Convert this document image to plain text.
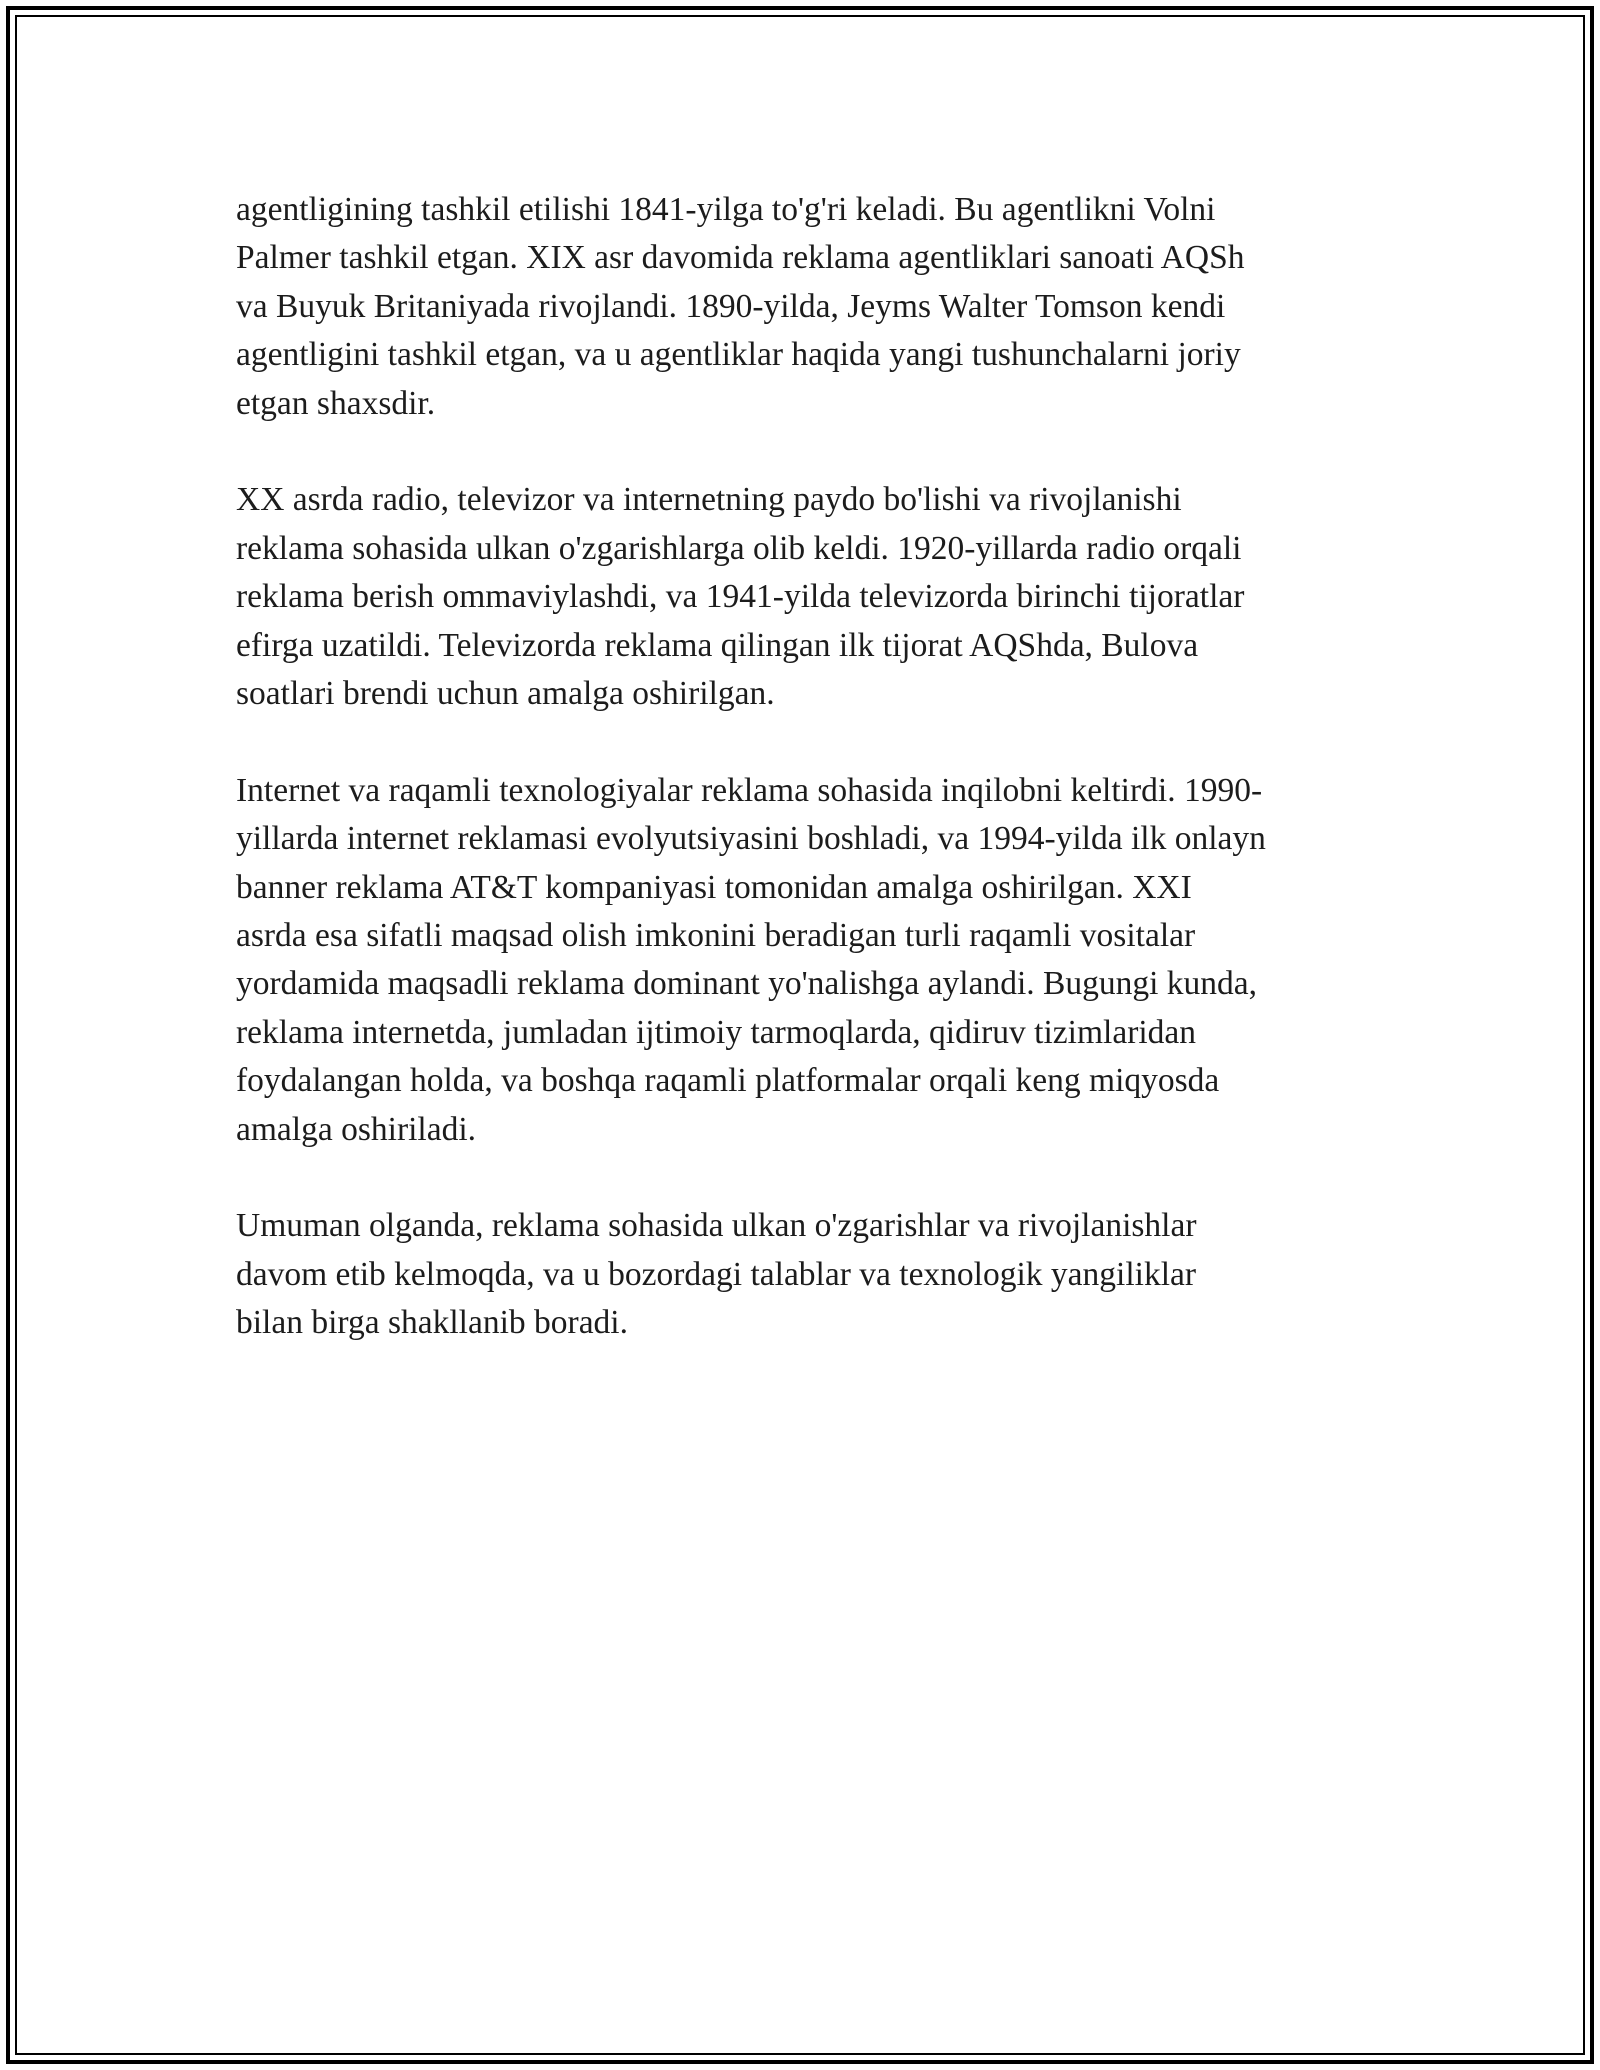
agentligining tashkil etilishi 1841-yilga to'g'ri keladi. Bu agentlikni Volni
Palmer tashkil etgan. XIX asr davomida reklama agentliklari sanoati AQSh
va Buyuk Britaniyada rivojlandi. 1890-yilda, Jeyms Walter Tomson kendi
agentligini tashkil etgan, va u agentliklar haqida yangi tushunchalarni joriy
etgan shaxsdir.

XX asrda radio, televizor va internetning paydo bo'lishi va rivojlanishi
reklama sohasida ulkan o'zgarishlarga olib keldi. 1920-yillarda radio orqali
reklama berish ommaviylashdi, va 1941-yilda televizorda birinchi tijoratlar
efirga uzatildi. Televizorda reklama qilingan ilk tijorat AQShda, Bulova
soatlari brendi uchun amalga oshirilgan.

Internet va raqamli texnologiyalar reklama sohasida inqilobni keltirdi. 1990-
yillarda internet reklamasi evolyutsiyasini boshladi, va 1994-yilda ilk onlayn
banner reklama AT&T kompaniyasi tomonidan amalga oshirilgan. XXI
asrda esa sifatli maqsad olish imkonini beradigan turli raqamli vositalar
yordamida maqsadli reklama dominant yo'nalishga aylandi. Bugungi kunda,
reklama internetda, jumladan ijtimoiy tarmoqlarda, qidiruv tizimlaridan
foydalangan holda, va boshqa raqamli platformalar orqali keng miqyosda
amalga oshiriladi.

Umuman olganda, reklama sohasida ulkan o'zgarishlar va rivojlanishlar
davom etib kelmoqda, va u bozordagi talablar va texnologik yangiliklar
bilan birga shakllanib boradi.
